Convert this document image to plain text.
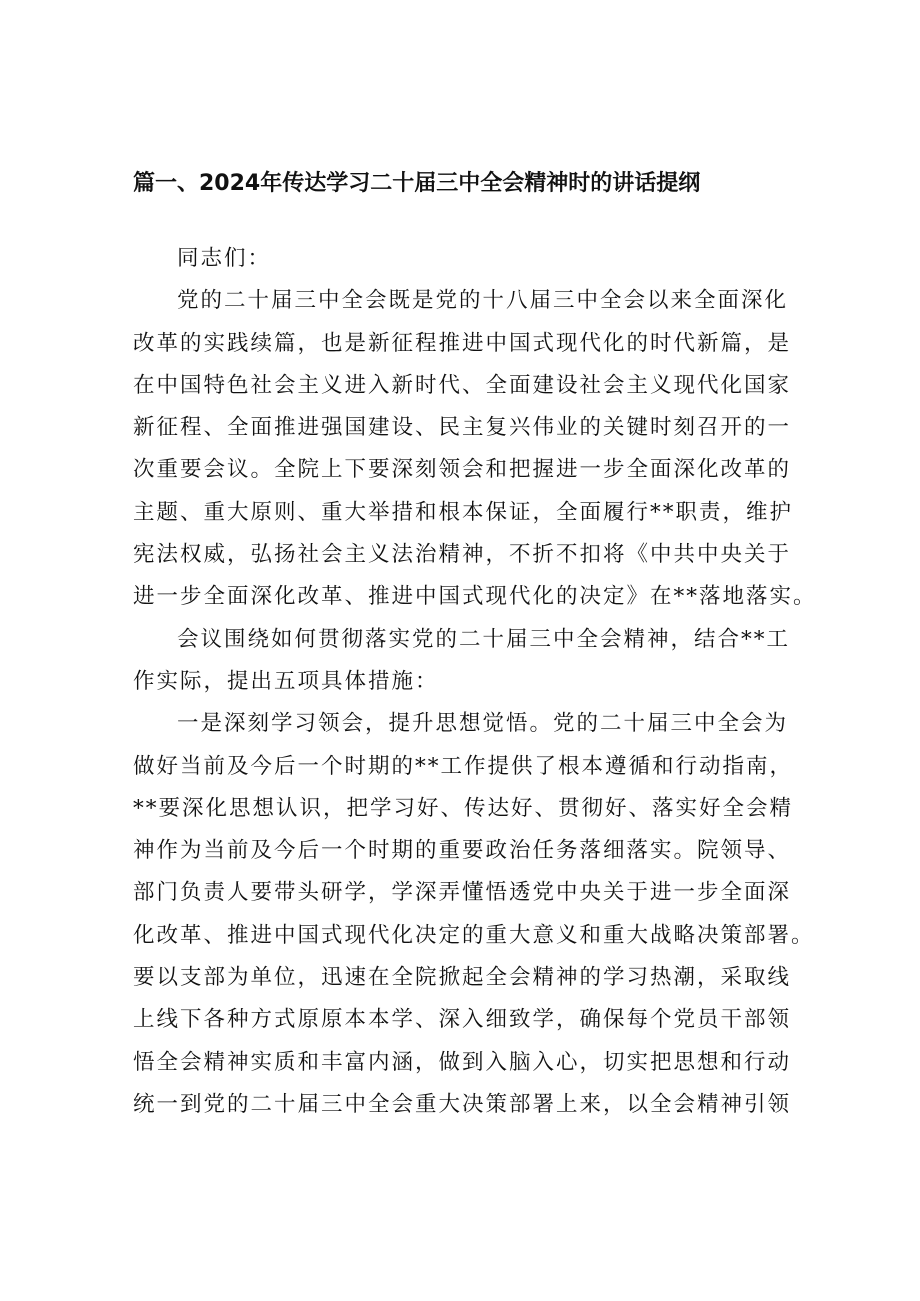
篇一、2024年传达学习二十届三中全会精神时的讲话提纲
同志们：
党的二十届三中全会既是党的十八届三中全会以来全面深化
改革的实践续篇，也是新征程推进中国式现代化的时代新篇，是
在中国特色社会主义进入新时代、全面建设社会主义现代化国家
新征程、全面推进强国建设、民主复兴伟业的关键时刻召开的一
次重要会议。全院上下要深刻领会和把握进一步全面深化改革的
主题、重大原则、重大举措和根本保证，全面履行**职责，维护
宪法权威，弘扬社会主义法治精神，不折不扣将《中共中央关于
进一步全面深化改革、推进中国式现代化的决定》在**落地落实。
会议围绕如何贯彻落实党的二十届三中全会精神，结合**工
作实际，提出五项具体措施：
一是深刻学习领会，提升思想觉悟。党的二十届三中全会为
做好当前及今后一个时期的**工作提供了根本遵循和行动指南，
**要深化思想认识，把学习好、传达好、贯彻好、落实好全会精
神作为当前及今后一个时期的重要政治任务落细落实。院领导、
部门负责人要带头研学，学深弄懂悟透党中央关于进一步全面深
化改革、推进中国式现代化决定的重大意义和重大战略决策部署。
要以支部为单位，迅速在全院掀起全会精神的学习热潮，采取线
上线下各种方式原原本本学、深入细致学，确保每个党员干部领
悟全会精神实质和丰富内涵，做到入脑入心，切实把思想和行动
统一到党的二十届三中全会重大决策部署上来，以全会精神引领
